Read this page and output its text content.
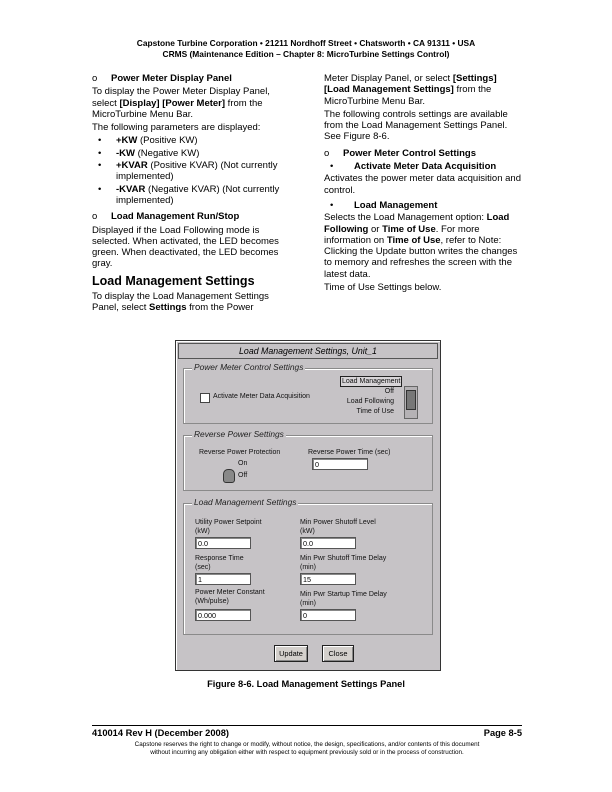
Capstone Turbine Corporation • 21211 Nordhoff Street • Chatsworth • CA 91311 • USA
CRMS (Maintenance Edition – Chapter 8: MicroTurbine Settings Control)
o	Power Meter Display Panel

To display the Power Meter Display Panel, select [Display] [Power Meter] from the MicroTurbine Menu Bar.

The following parameters are displayed:

•	+KW (Positive KW)
•	-KW (Negative KW)
•	+KVAR (Positive KVAR) (Not currently implemented)
•	-KVAR (Negative KVAR) (Not currently implemented)
o	Load Management Run/Stop

Displayed if the Load Following mode is selected. When activated, the LED becomes green. When deactivated, the LED becomes gray.

Load Management Settings

To display the Load Management Settings Panel, select Settings from the Power

Meter Display Panel, or select [Settings] [Load Management Settings] from the MicroTurbine Menu Bar.

The following controls settings are available from the Load Management Settings Panel. See Figure 8-6.

o	Power Meter Control Settings
•	Activate Meter Data Acquisition

Activates the power meter data acquisition and control.

•	Load Management

Selects the Load Management option: Load Following or Time of Use. For more information on Time of Use, refer to Note: Clicking the Update button writes the changes to memory and refreshes the screen with the latest data.

Time of Use Settings below.

Load Management Settings, Unit_1
Power Meter Control Settings
Activate Meter Data Acquisition
Load Management
Off
Load Following
Time of Use
Reverse Power Settings
Reverse Power Protection
On
Off
Reverse Power Time (sec)
0
Load Management Settings
Utility Power Setpoint
(kW)
0.0
Min Power Shutoff Level
(kW)
0.0
Response Time
(sec)
1
Min Pwr Shutoff Time Delay
(min)
15
Power Meter Constant
(Wh/pulse)
0.000
Min Pwr Startup Time Delay
(min)
0
Update	Close
Figure 8-6. Load Management Settings Panel
410014 Rev H (December 2008)	Page 8-5
Capstone reserves the right to change or modify, without notice, the design, specifications, and/or contents of this document
without incurring any obligation either with respect to equipment previously sold or in the process of construction.
